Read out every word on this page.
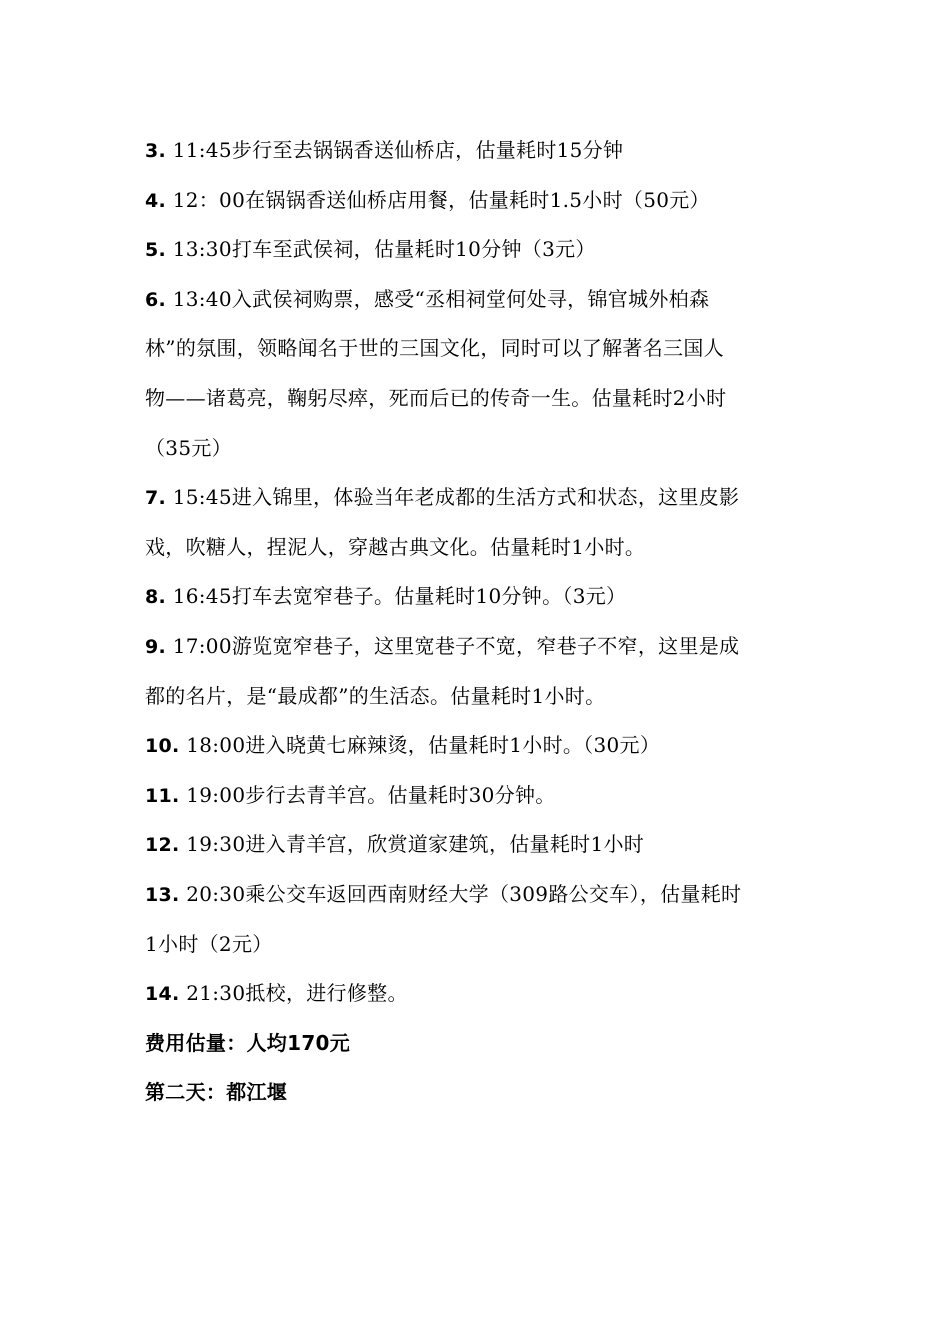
3. 11:45步行至去锅锅香送仙桥店，估量耗时15分钟
4. 12：00在锅锅香送仙桥店用餐，估量耗时1.5小时（50元）
5. 13:30打车至武侯祠，估量耗时10分钟（3元）
6. 13:40入武侯祠购票，感受“丞相祠堂何处寻，锦官城外柏森
林”的氛围，领略闻名于世的三国文化，同时可以了解著名三国人
物——诸葛亮，鞠躬尽瘁，死而后已的传奇一生。估量耗时2小时
（35元）
7. 15:45进入锦里，体验当年老成都的生活方式和状态，这里皮影
戏，吹糖人，捏泥人，穿越古典文化。估量耗时1小时。
8. 16:45打车去宽窄巷子。估量耗时10分钟。（3元）
9. 17:00游览宽窄巷子，这里宽巷子不宽，窄巷子不窄，这里是成
都的名片，是“最成都”的生活态。估量耗时1小时。
10. 18:00进入晓黄七麻辣烫，估量耗时1小时。（30元）
11. 19:00步行去青羊宫。估量耗时30分钟。
12. 19:30进入青羊宫，欣赏道家建筑，估量耗时1小时
13. 20:30乘公交车返回西南财经大学（309路公交车），估量耗时
1小时（2元）
14. 21:30抵校，进行修整。
费用估量：人均170元
第二天：都江堰
